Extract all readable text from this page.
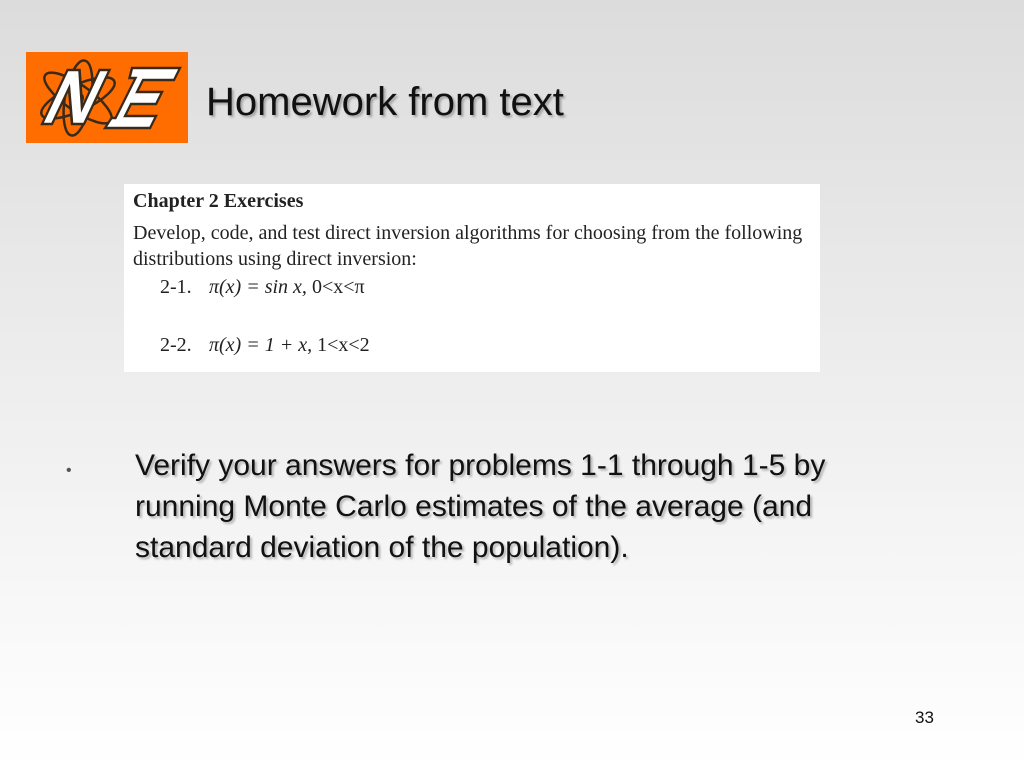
Homework from text
Chapter 2 Exercises
Develop, code, and test direct inversion algorithms for choosing from the following distributions using direct inversion:
2-1. π(x) = sin x, 0<x<π
2-2. π(x) = 1 + x, 1<x<2
• Verify your answers for problems 1-1 through 1-5 by running Monte Carlo estimates of the average (and standard deviation of the population).
33
